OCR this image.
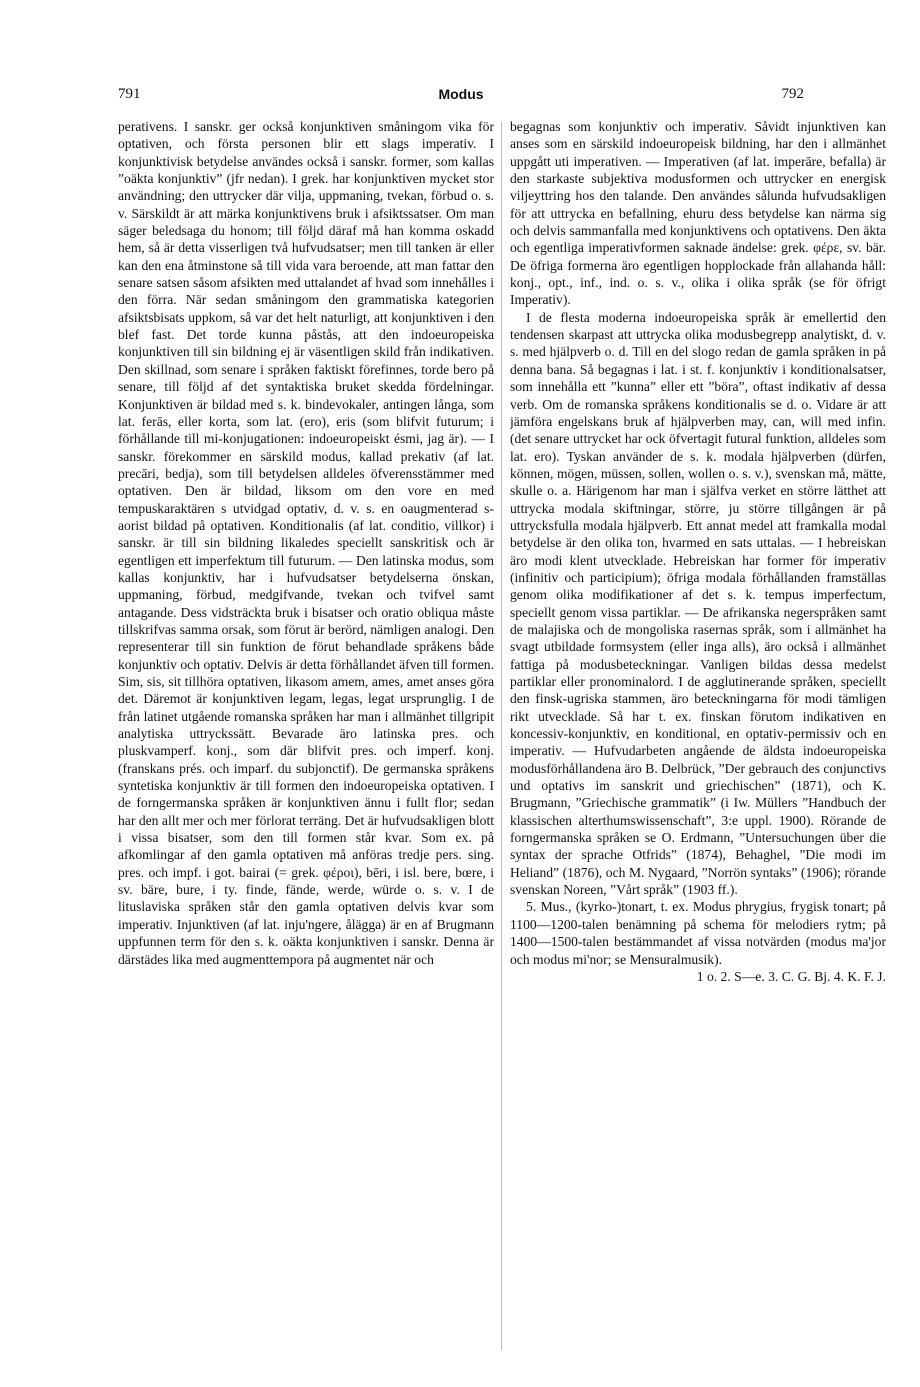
791	Modus	792

perativens. I sanskr. ger också konjunktiven småningom vika för optativen, och första personen blir ett slags imperativ. I konjunktivisk betydelse användes också i sanskr. former, som kallas ”oäkta konjunktiv” (jfr nedan). I grek. har konjunktiven mycket stor användning; den uttrycker där vilja, uppmaning, tvekan, förbud o. s. v. Särskildt är att märka konjunktivens bruk i afsiktssatser. Om man säger beledsaga du honom; till följd däraf må han komma oskadd hem, så är detta visserligen två hufvudsatser; men till tanken är eller kan den ena åtminstone så till vida vara beroende, att man fattar den senare satsen såsom afsikten med uttalandet af hvad som innehålles i den förra. När sedan småningom den grammatiska kategorien afsiktsbisats uppkom, så var det helt naturligt, att konjunktiven i den blef fast. Det torde kunna påstås, att den indoeuropeiska konjunktiven till sin bildning ej är väsentligen skild från indikativen. Den skillnad, som senare i språken faktiskt förefinnes, torde bero på senare, till följd af det syntaktiska bruket skedda fördelningar. Konjunktiven är bildad med s. k. bindevokaler, antingen långa, som lat. ferās, eller korta, som lat. (ero), eris (som blifvit futurum; i förhållande till mi-konjugationen: indoeuropeiskt ésmi, jag är). — I sanskr. förekommer en särskild modus, kallad prekativ (af lat. precāri, bedja), som till betydelsen alldeles öfverensstämmer med optativen. Den är bildad, liksom om den vore en med tempuskaraktären s utvidgad optativ, d. v. s. en oaugmenterad s-aorist bildad på optativen. Konditionalis (af lat. conditio, villkor) i sanskr. är till sin bildning likaledes speciellt sanskritisk och är egentligen ett imperfektum till futurum. — Den latinska modus, som kallas konjunktiv, har i hufvudsatser betydelserna önskan, uppmaning, förbud, medgifvande, tvekan och tvifvel samt antagande. Dess vidsträckta bruk i bisatser och oratio obliqua måste tillskrifvas samma orsak, som förut är berörd, nämligen analogi. Den representerar till sin funktion de förut behandlade språkens både konjunktiv och optativ. Delvis är detta förhållandet äfven till formen. Sim, sis, sit tillhöra optativen, likasom amem, ames, amet anses göra det. Däremot är konjunktiven legam, legas, legat ursprunglig. I de från latinet utgående romanska språken har man i allmänhet tillgripit analytiska uttryckssätt. Bevarade äro latinska pres. och pluskvamperf. konj., som där blifvit pres. och imperf. konj. (franskans prés. och imparf. du subjonctif). De germanska språkens syntetiska konjunktiv är till formen den indoeuropeiska optativen. I de forngermanska språken är konjunktiven ännu i fullt flor; sedan har den allt mer och mer förlorat terräng. Det är hufvudsakligen blott i vissa bisatser, som den till formen står kvar. Som ex. på afkomlingar af den gamla optativen må anföras tredje pers. sing. pres. och impf. i got. bairai (= grek. φέροι), bēri, i isl. bere, bœre, i sv. bäre, bure, i ty. finde, fände, werde, würde o. s. v. I de lituslaviska språken står den gamla optativen delvis kvar som imperativ. Injunktiven (af lat. inju'ngere, ålägga) är en af Brugmann uppfunnen term för den s. k. oäkta konjunktiven i sanskr. Denna är därstädes lika med augmenttempora på augmentet när och

begagnas som konjunktiv och imperativ. Såvidt injunktiven kan anses som en särskild indoeuropeisk bildning, har den i allmänhet uppgått uti imperativen. — Imperativen (af lat. imperāre, befalla) är den starkaste subjektiva modusformen och uttrycker en energisk viljeyttring hos den talande. Den användes sålunda hufvudsakligen för att uttrycka en befallning, ehuru dess betydelse kan närma sig och delvis sammanfalla med konjunktivens och optativens. Den äkta och egentliga imperativformen saknade ändelse: grek. φέρε, sv. bär. De öfriga formerna äro egentligen hopplockade från allahanda håll: konj., opt., inf., ind. o. s. v., olika i olika språk (se för öfrigt Imperativ).

I de flesta moderna indoeuropeiska språk är emellertid den tendensen skarpast att uttrycka olika modusbegrepp analytiskt, d. v. s. med hjälpverb o. d. Till en del slogo redan de gamla språken in på denna bana. Så begagnas i lat. i st. f. konjunktiv i konditionalsatser, som innehålla ett ”kunna” eller ett ”böra”, oftast indikativ af dessa verb. Om de romanska språkens konditionalis se d. o. Vidare är att jämföra engelskans bruk af hjälpverben may, can, will med infin. (det senare uttrycket har ock öfvertagit futural funktion, alldeles som lat. ero). Tyskan använder de s. k. modala hjälpverben (dürfen, können, mögen, müssen, sollen, wollen o. s. v.), svenskan må, mätte, skulle o. a. Härigenom har man i själfva verket en större lätthet att uttrycka modala skiftningar, större, ju större tillgången är på uttrycksfulla modala hjälpverb. Ett annat medel att framkalla modal betydelse är den olika ton, hvarmed en sats uttalas. — I hebreiskan äro modi klent utvecklade. Hebreiskan har former för imperativ (infinitiv och participium); öfriga modala förhållanden framställas genom olika modifikationer af det s. k. tempus imperfectum, speciellt genom vissa partiklar. — De afrikanska negerspråken samt de malajiska och de mongoliska rasernas språk, som i allmänhet ha svagt utbildade formsystem (eller inga alls), äro också i allmänhet fattiga på modusbeteckningar. Vanligen bildas dessa medelst partiklar eller pronominalord. I de agglutinerande språken, speciellt den finsk-ugriska stammen, äro beteckningarna för modi tämligen rikt utvecklade. Så har t. ex. finskan förutom indikativen en koncessiv-konjunktiv, en konditional, en optativ-permissiv och en imperativ. — Hufvudarbeten angående de äldsta indoeuropeiska modusförhållandena äro B. Delbrück, ”Der gebrauch des conjunctivs und optativs im sanskrit und griechischen” (1871), och K. Brugmann, ”Griechische grammatik” (i Iw. Müllers ”Handbuch der klassischen alterthumswissenschaft”, 3:e uppl. 1900). Rörande de forngermanska språken se O. Erdmann, ”Untersuchungen über die syntax der sprache Otfrids” (1874), Behaghel, ”Die modi im Heliand” (1876), och M. Nygaard, ”Norrön syntaks” (1906); rörande svenskan Noreen, ”Vårt språk” (1903 ff.).

5. Mus., (kyrko-)tonart, t. ex. Modus phrygius, frygisk tonart; på 1100—1200-talen benämning på schema för melodiers rytm; på 1400—1500-talen bestämmandet af vissa notvärden (modus ma'jor och modus mi'nor; se Mensuralmusik).

1 o. 2. S—e. 3. C. G. Bj. 4. K. F. J.
